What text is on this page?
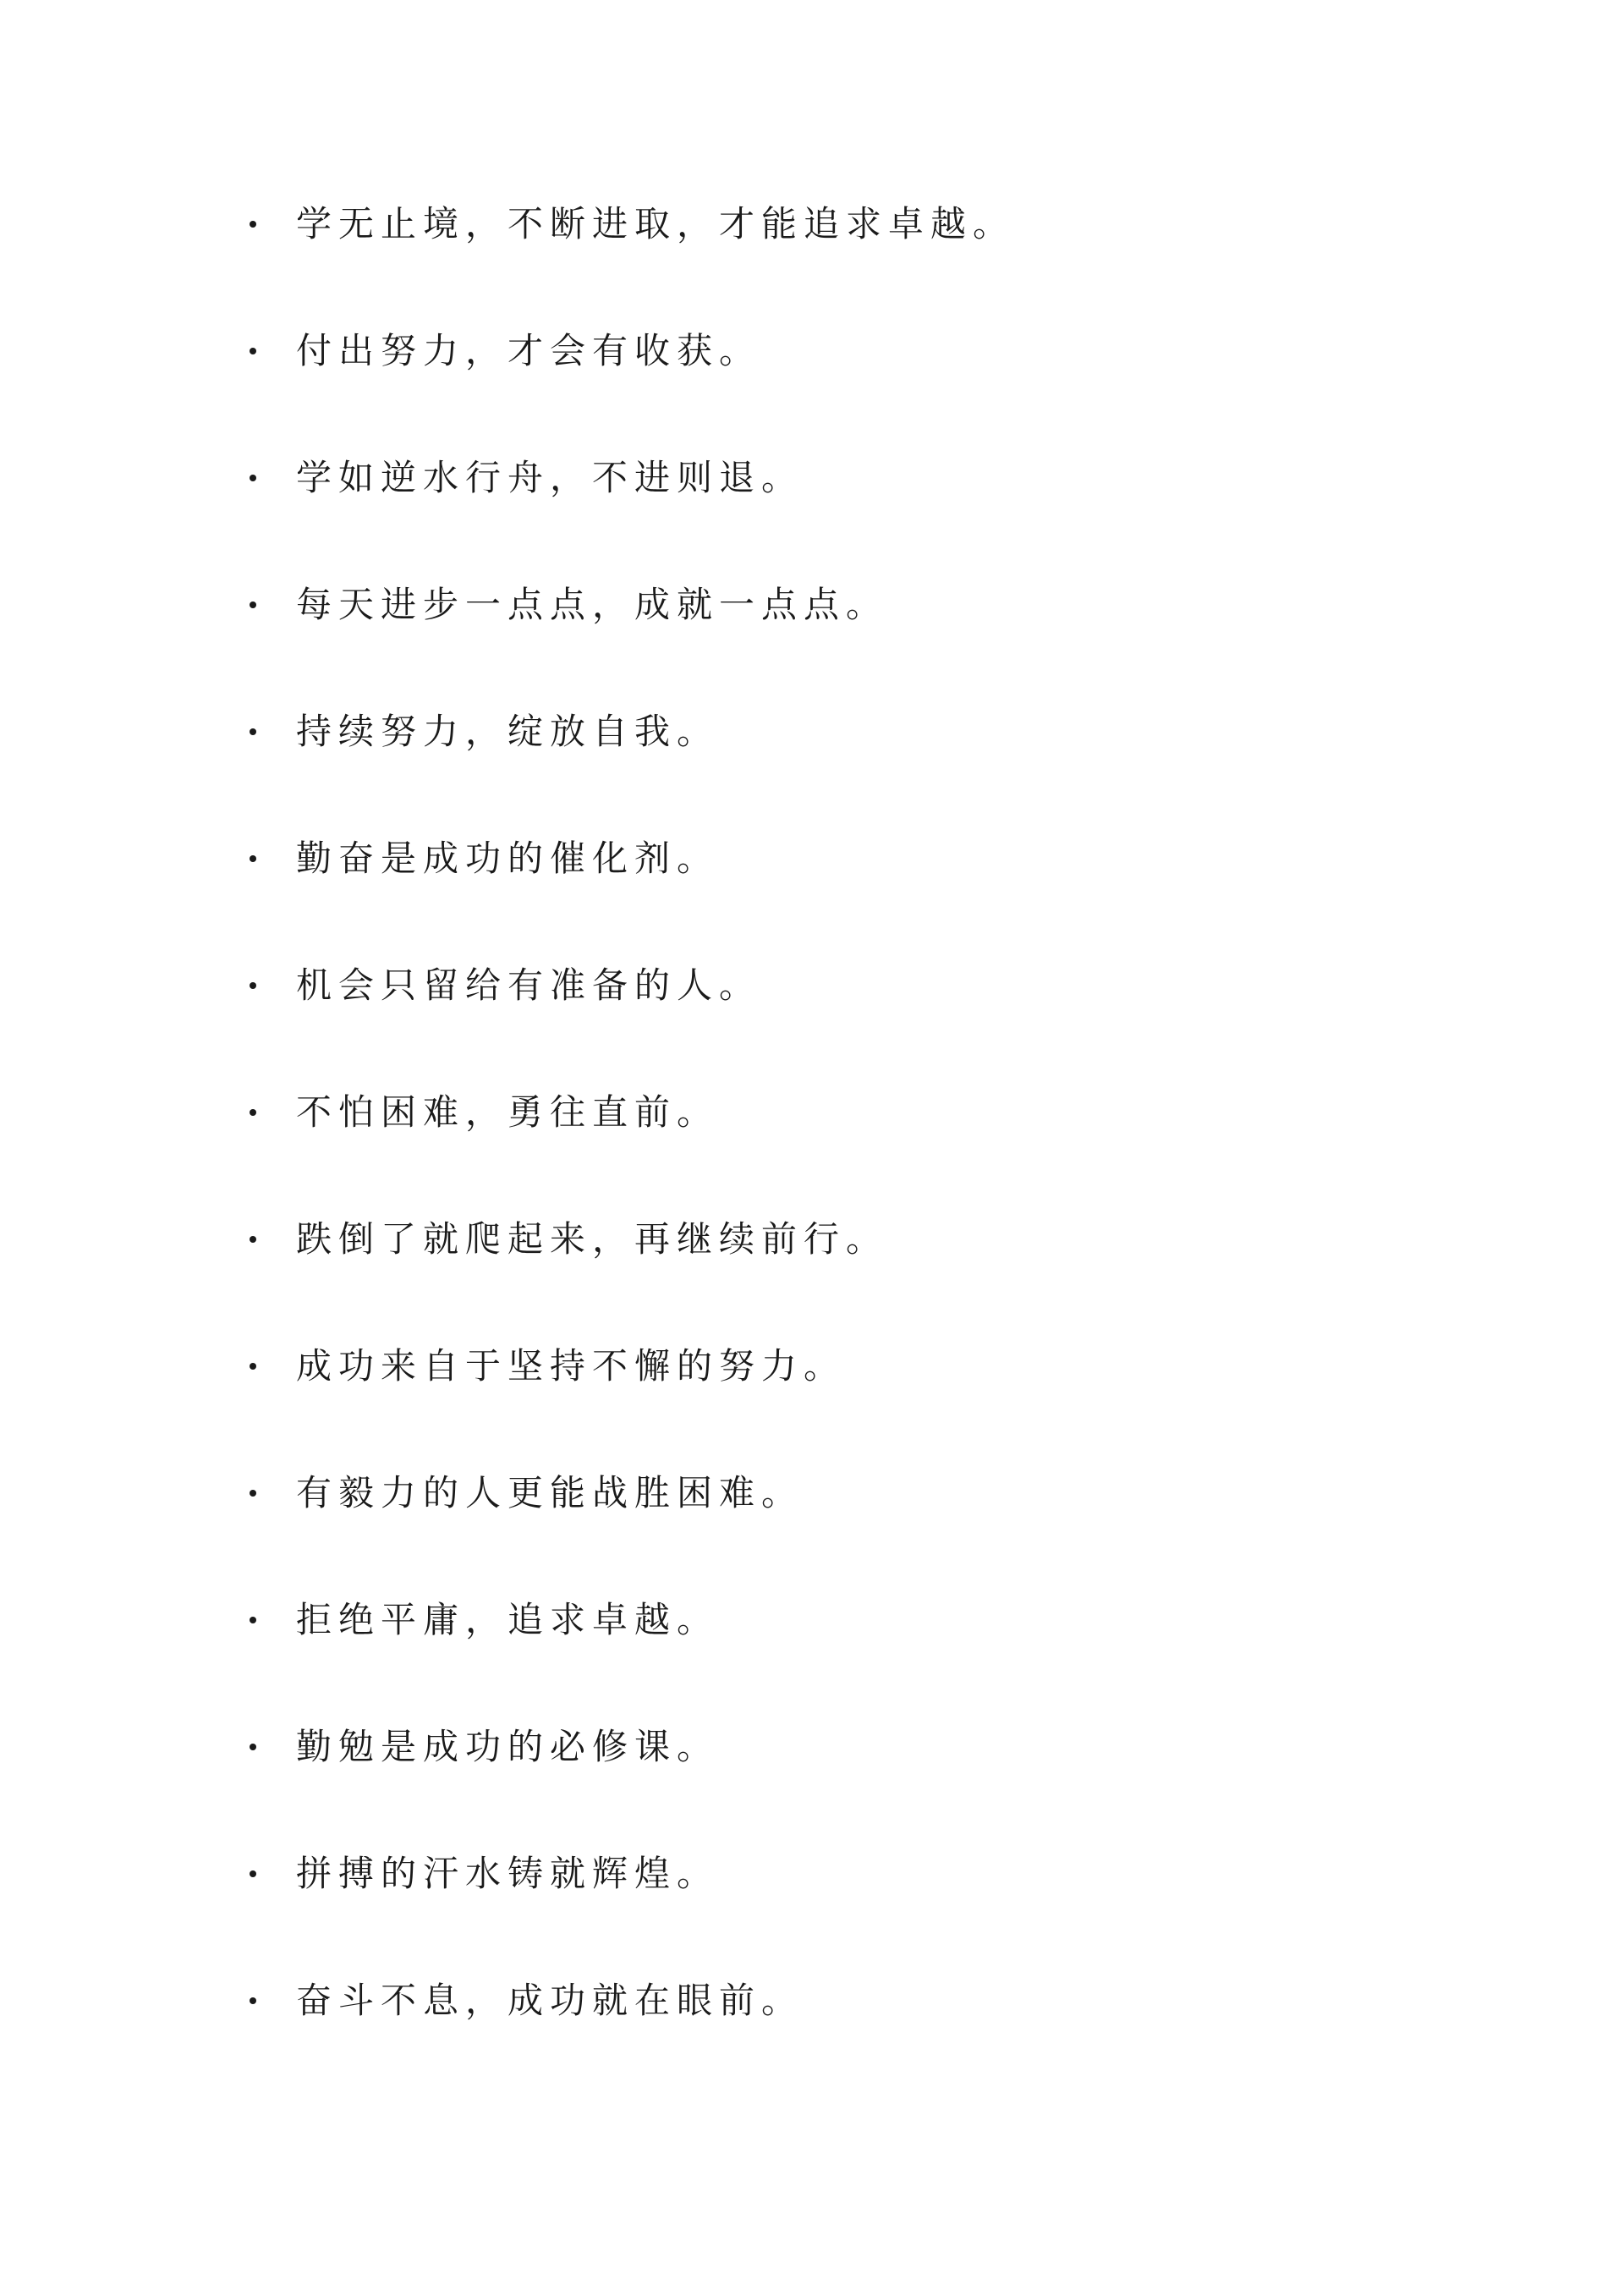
学无止境，不断进取，才能追求卓越。
付出努力，才会有收获。
学如逆水行舟，不进则退。
每天进步一点点，成就一点点。
持续努力，绽放自我。
勤奋是成功的催化剂。
机会只留给有准备的人。
不怕困难，勇往直前。
跌倒了就爬起来，再继续前行。
成功来自于坚持不懈的努力。
有毅力的人更能战胜困难。
拒绝平庸，追求卓越。
勤勉是成功的必修课。
拼搏的汗水铸就辉煌。
奋斗不息，成功就在眼前。
